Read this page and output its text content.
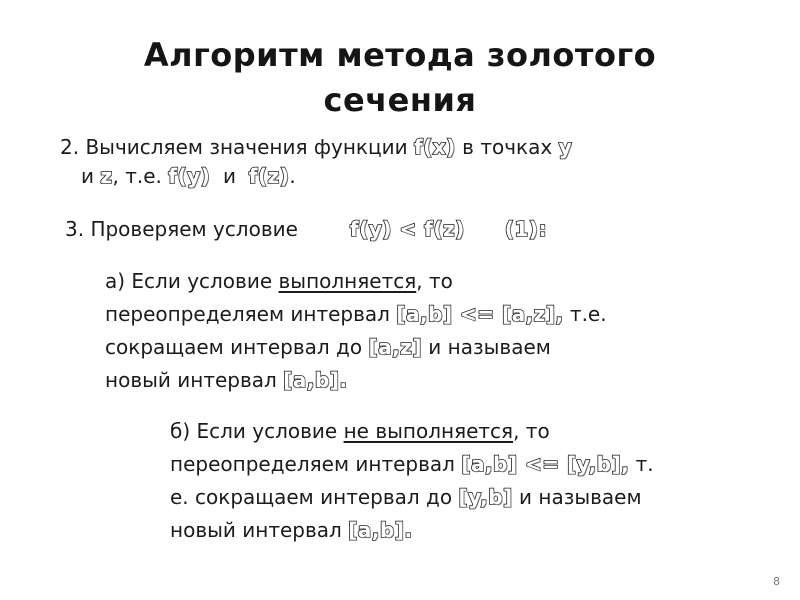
Алгоритм метода золотого
сечения
2. Вычисляем значения функции f(x) в точках y
и z, т.е. f(y)  и  f(z).
3. Проверяем условие	f(y) < f(z) (1):
а) Если условие выполняется, то
переопределяем интервал [a,b] <= [a,z], т.е.
сокращаем интервал до [a,z] и называем
новый интервал [a,b].
б) Если условие не выполняется, то
переопределяем интервал [a,b] <= [y,b], т.
е. сокращаем интервал до [y,b] и называем
новый интервал [a,b].
8
